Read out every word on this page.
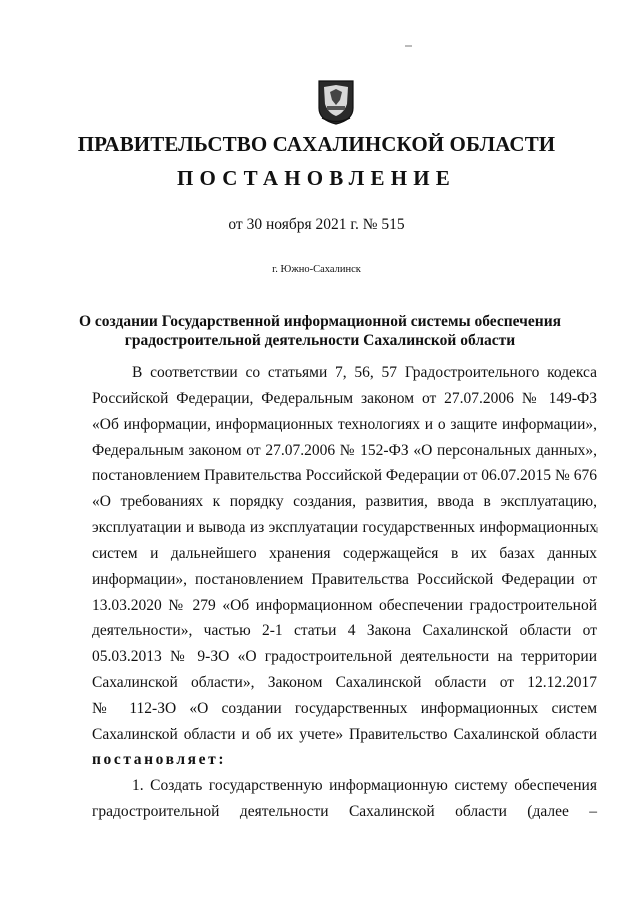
ПРАВИТЕЛЬСТВО САХАЛИНСКОЙ ОБЛАСТИ
ПОСТАНОВЛЕНИЕ
от 30 ноября 2021 г. № 515
г. Южно-Сахалинск
О создании Государственной информационной системы обеспечения
градостроительной деятельности Сахалинской области
В соответствии со статьями 7, 56, 57 Градостроительного кодекса
Российской Федерации, Федеральным законом от 27.07.2006 № 149-ФЗ
«Об информации, информационных технологиях и о защите информации»,
Федеральным законом от 27.07.2006 № 152-ФЗ «О персональных данных»,
постановлением Правительства Российской Федерации от 06.07.2015 № 676
«О требованиях к порядку создания, развития, ввода в эксплуатацию,
эксплуатации и вывода из эксплуатации государственных информационных
систем и дальнейшего хранения содержащейся в их базах данных
информации», постановлением Правительства Российской Федерации от
13.03.2020 № 279 «Об информационном обеспечении градостроительной
деятельности», частью 2-1 статьи 4 Закона Сахалинской области от
05.03.2013 № 9-ЗО «О градостроительной деятельности на территории
Сахалинской области», Законом Сахалинской области от 12.12.2017
№ 112-ЗО «О создании государственных информационных систем
Сахалинской области и об их учете» Правительство Сахалинской области
постановляет:
1. Создать государственную информационную систему обеспечения
градостроительной деятельности Сахалинской области (далее –
